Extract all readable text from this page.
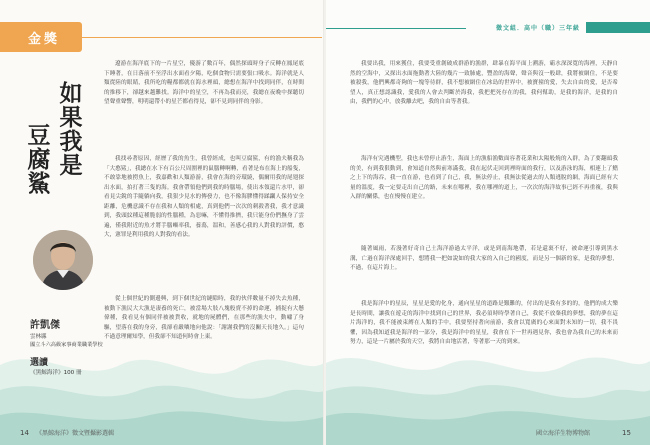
金獎
如
果
我
是
豆
腐
鯊
許凱傑
雲林縣
國立斗六高級家事商業職業學校
選讀
《黑鯨海洋》100 冊

遼游在海洋底下的一片星空，優游了數百年，偶然探頭時身子反轉在鳳尾底下睡著，在日落前不至浮出水面看夕陽，吃個食物只需要張口吸水。海洋就是人類從陸的眼睛，我所吃的糧都都就在海水裡頭，總想在海洋中找到同伴，在時間的推移下，卻越來越難找。海洋中的星空，不再為我而亮，我總在夜晚中探聽切望聲重聲響，明明還帶小的星芒都看得見，卻不見到同伴的身影。

我找尋著原因，經歷了我的魚生，我曾經成，也叫豆腐鯊，有的漁夫稱我為「大憨鯊」，我總在水下有百公尺周圍裡的鼠腦轉啊轉，看著是布在海上的船隻，不敢靠地被撈魚上，我嘉歡和人類游游，我會在海的旁環繞，偶爾用我的尾翅探出水面，拍打著三隻的海。我會帶領他們到我的時腦場，使出本領還片水甲，卻看見尖銳的手隨躺向我，我狠少見水的傳發力，也不像海膠懂得蹂躪人保持安全距離，危機意識不存在我和人類的相處，真到他們一次次的刺殺著我，我才意識到，我頭紋種這種脆弱的性腦種，為惡嘛，不懂得推擠，我只能身份們撫身了雲遍，僅我附近的魚才將手腦噸率我，養蕩，溫和，善感心我的人對我的評價，憨大，憲罪是利用我的人對我的看法。

從上個世紀的側邊興，到下個世紀的縫隙時，我的伙伴數量不掉失去魚種，被動下漁民大大漁是凄養的死亡，被當場大肢八塊般賣不掉的命運，捕捉有大懸偉種，我看見有個同伴被被貨收，就地的屍體們，在那些的漁夫中，動嘯了身驅，望落在我的身旁，我卻看嚴嚷地向他說：「謝謝我們的沒關天長地久。」這句不過意理爾知學，但我卻不知道何時會上東。

14 《黑鯨海洋》徵文暨攝影選輯
徵文組．高中（職）三年級

我要出我，用來獲住，我要受重創破成群游的漁群，肆暴在海平面上溯游，霸水深深寬的海裡，天靜自然的空海中，又探出水面拖動著大陸的幾片一致肺處，豐盈的海聲，聲音與沒一般肆，我將被網住，不是要被殺我，他們興都奇夠的一塊等待群，我不想被網住在冰島的世界中，被寶撞的愛，失去自由的愛，是否希望人，真正想認識我，愛我的人會去判斷於海我，我把把死存在的我，我何幫助，是我的海洋，是我的自由，我們的心中，放我離去吧，我的自由等著我。

海洋有究遇機型，我也未曾停止游生，海面上的漁船漁數面容著花業和太陽般燒的入群，為了要翻頭我的美，有到我狠動到，會知道自然與前寒滿我，我在起伏走回到裡時面的我行，以及游泳的海，相連上了鰭之上下的海吞，我一直在游，也看到了自己，我，無法停止，我無法從過去的人類逃脫的網，海面已經有大量的溫度，我一定要走出自己的路，未來在哪裡，我在哪裡的道上，一次次的海洋故事已經不再重複，我與入群的關係，也在慢慢在建立。

隨著風雨，若漫著好奇自己土海洋游過太平洋，或是到南海地帶，若是還裏不好，被命運引導到黑水溝，亡過在海洋深處回手，想將我一把如說如的我大家的入自己的國度，而是另一個新的家，是我的夢想，不過，在這片海上。

我是海洋中的星辰，星星是愛的化身，通向星星的道路是艱難的，付出的是我有多的的，他們的成大樂是長時間，讓我在遊走的海洋中找到自己的世界，我必須時時學著自己，我從不放棄我的夢想，我的夢在這片海洋的，我不能被束縛在人類的手中，我要堅持著向前游，我會以寬廣的心來面對未知的一切，我不畏懼，因為我知道我是海洋的一部分，我是海洋中的星星，我會在下一世再遇見你，我也會為我自己的未來而努力，這是一片屬於我的天空，我將自由地活著，等著那一天的到來。

國立海洋生物博物館	15
